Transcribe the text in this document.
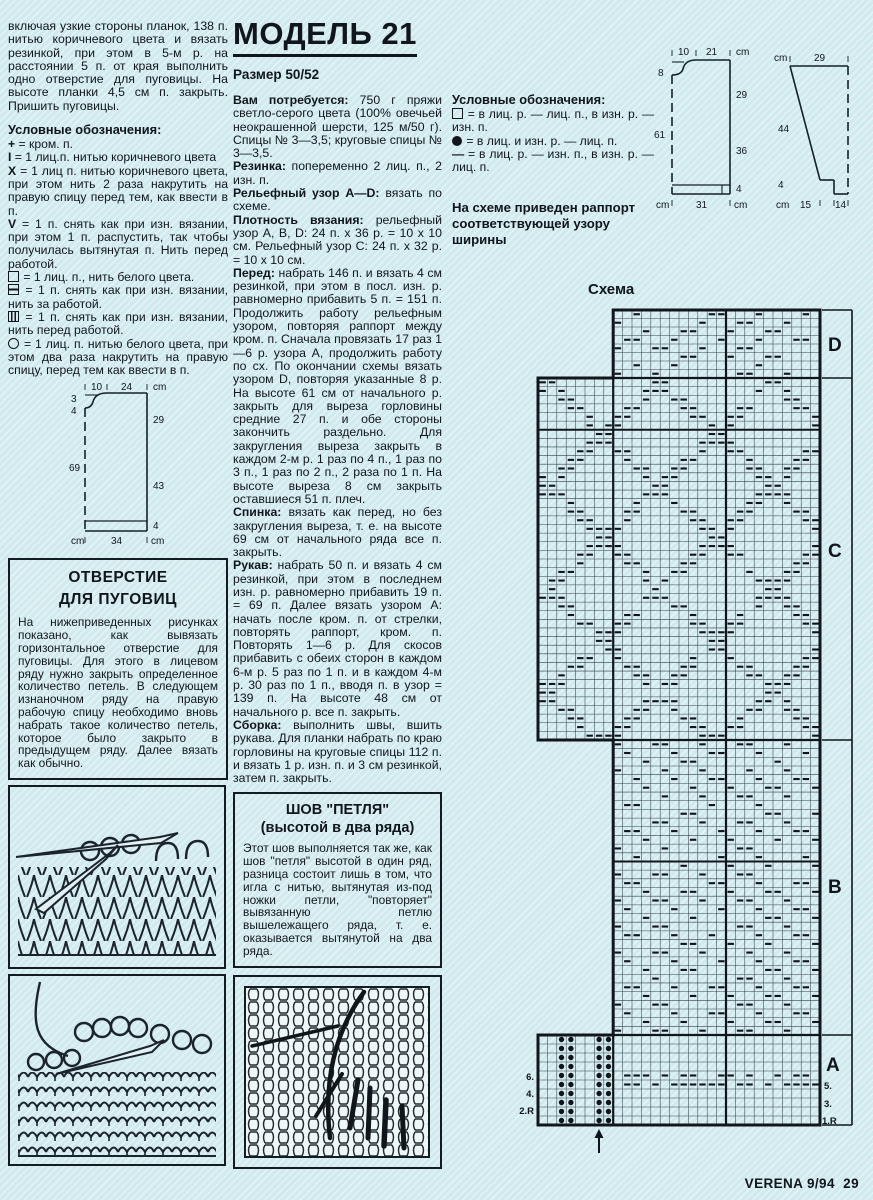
включая узкие стороны планок, 138 п. нитью коричневого цвета и вязать резинкой, при этом в 5-м р. на расстоянии 5 п. от края выполнить одно отверстие для пуговицы. На высоте планки 4,5 см п. закрыть. Пришить пуговицы.

Условные обозначения:

+ = кром. п.

I = 1 лиц.п. нитью коричневого цвета

X = 1 лиц п. нитью коричневого цвета, при этом нить 2 раза накрутить на правую спицу перед тем, как ввести в п.

V = 1 п. снять как при изн. вязании, при этом 1 п. распустить, так чтобы получилась вытянутая п. Нить перед работой.

= 1 лиц. п., нить белого цвета.

= 1 п. снять как при изн. вязании, нить за работой.

= 1 п. снять как при изн. вязании, нить перед работой.

= 1 лиц. п. нитью белого цвета, при этом два раза накрутить на правую спицу, перед тем как ввести в п.

10 24 cm
3
4
69
29
43
4
cm	34	cm
ОТВЕРСТИЕ
ДЛЯ ПУГОВИЦ

На нижеприведенных рисунках показано, как вывязать горизонтальное отверстие для пуговицы. Для этого в лицевом ряду нужно закрыть определенное количество петель. В следующем изнаночном ряду на правую рабочую спицу необходимо вновь набрать такое количество петель, которое было закрыто в предыдущем ряду. Далее вязать как обычно.

МОДЕЛЬ 21
Размер 50/52

Вам потребуется: 750 г пряжи светло-серого цвета (100% овечьей неокрашенной шерсти, 125 м/50 г). Спицы № 3—3,5; круговые спицы № 3—3,5.

Резинка: попеременно 2 лиц. п., 2 изн. п.

Рельефный узор A—D: вязать по схеме.

Плотность вязания: рельефный узор A, B, D: 24 п. x 36 р. = 10 x 10 см. Рельефный узор C: 24 п. x 32 р. = 10 x 10 см.

Перед: набрать 146 п. и вязать 4 см резинкой, при этом в посл. изн. р. равномерно прибавить 5 п. = 151 п. Продолжить работу рельефным узором, повторяя раппорт между кром. п. Сначала провязать 17 раз 1—6 р. узора A, продолжить работу по сх. По окончании схемы вязать узором D, повторяя указанные 8 р. На высоте 61 см от начального р. закрыть для выреза горловины средние 27 п. и обе стороны закончить раздельно. Для закругления выреза закрыть в каждом 2-м р. 1 раз по 4 п., 1 раз по 3 п., 1 раз по 2 п., 2 раза по 1 п. На высоте выреза 8 см закрыть оставшиеся 51 п. плеч.

Спинка: вязать как перед, но без закругления выреза, т. е. на высоте 69 см от начального ряда все п. закрыть.

Рукав: набрать 50 п. и вязать 4 см резинкой, при этом в последнем изн. р. равномерно прибавить 19 п. = 69 п. Далее вязать узором A: начать после кром. п. от стрелки, повторять раппорт, кром. п. Повторять 1—6 р. Для скосов прибавить с обеих сторон в каждом 6-м р. 5 раз по 1 п. и в каждом 4-м р. 30 раз по 1 п., вводя п. в узор = 139 п. На высоте 48 см от начального р. все п. закрыть.

Сборка: выполнить швы, вшить рукава. Для планки набрать по краю горловины на круговые спицы 112 п. и вязать 1 р. изн. п. и 3 см резинкой, затем п. закрыть.

ШОВ "ПЕТЛЯ"
(высотой в два ряда)

Этот шов выполняется так же, как шов "петля" высотой в один ряд, разница состоит лишь в том, что игла с нитью, вытянутая из-под ножки петли, "повторяет" вывязанную петлю вышележащего ряда, т. е. оказывается вытянутой на два ряда.

Условные обозначения:

= в лиц. р. — лиц. п., в изн. р. — изн. п.

= в лиц. и изн. р. — лиц. п.

— = в лиц. р. — изн. п., в изн. р. — лиц. п.

На схеме приведен раппорт соответствующей узору ширины

8
61
10 21 cm
29
36
4
cm	31	cm
cm	29
44
4
15 14
cm
Схема
D
C
B
A
5.
3.
1.R
6.
4.
2.R
VERENA 9/94 29
